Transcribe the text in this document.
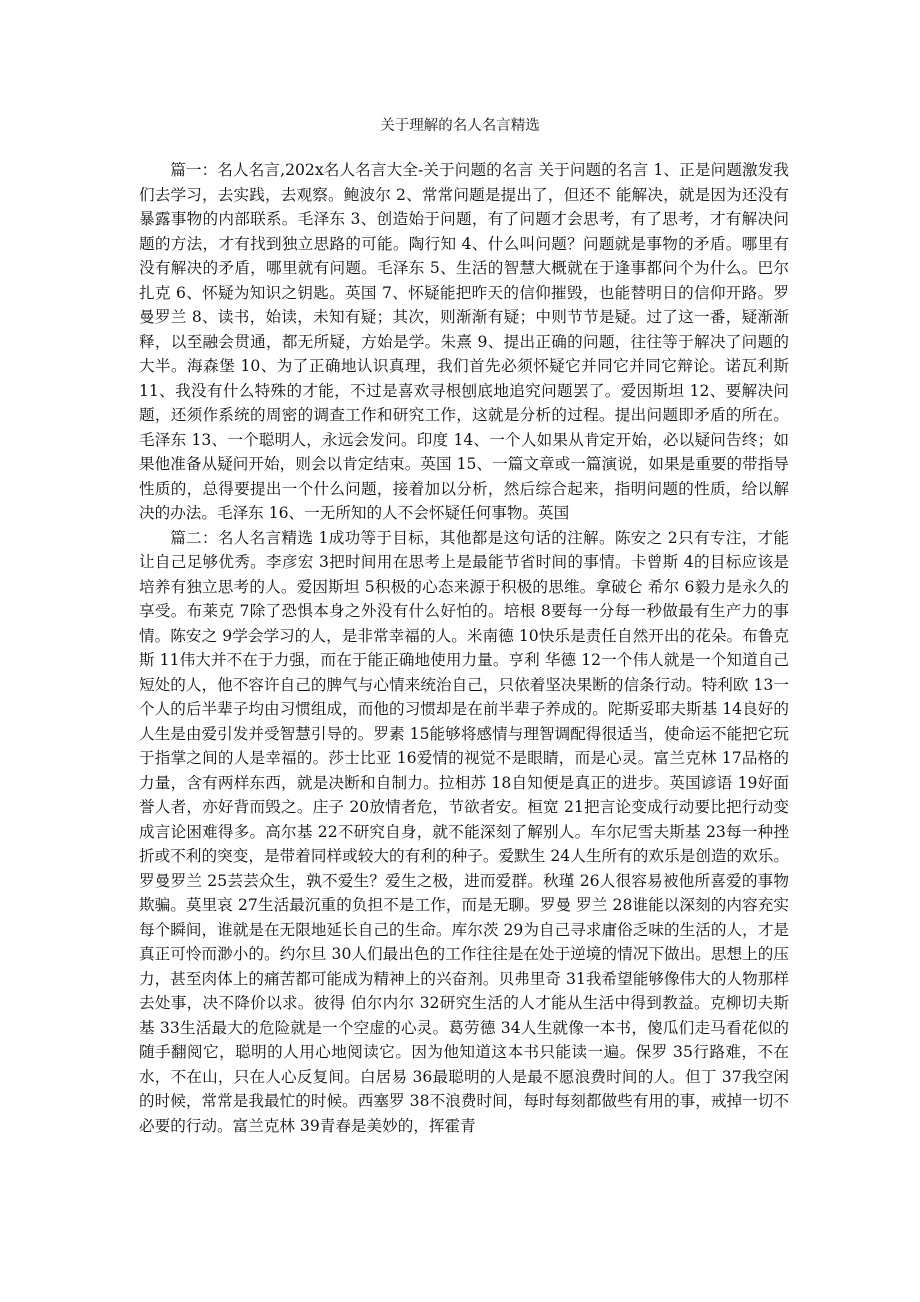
关于理解的名人名言精选

篇一：名人名言,202x名人名言大全-关于问题的名言 关于问题的名言 1、正是问题激发我们去学习，去实践，去观察。鲍波尔 2、常常问题是提出了，但还不 能解决，就是因为还没有暴露事物的内部联系。毛泽东 3、创造始于问题，有了问题才会思考，有了思考，才有解决问题的方法，才有找到独立思路的可能。陶行知 4、什么叫问题？问题就是事物的矛盾。哪里有没有解决的矛盾，哪里就有问题。毛泽东 5、生活的智慧大概就在于逢事都问个为什么。巴尔扎克 6、怀疑为知识之钥匙。英国 7、怀疑能把昨天的信仰摧毁，也能替明日的信仰开路。罗曼罗兰 8、读书，始读，未知有疑；其次，则渐渐有疑；中则节节是疑。过了这一番，疑渐渐释，以至融会贯通，都无所疑，方始是学。朱熹 9、提出正确的问题，往往等于解决了问题的大半。海森堡 10、为了正确地认识真理，我们首先必须怀疑它并同它并同它辩论。诺瓦利斯 11、我没有什么特殊的才能，不过是喜欢寻根刨底地追究问题罢了。爱因斯坦 12、要解决问题，还须作系统的周密的调查工作和研究工作，这就是分析的过程。提出问题即矛盾的所在。毛泽东 13、一个聪明人，永远会发问。印度 14、一个人如果从肯定开始，必以疑问告终；如果他准备从疑问开始，则会以肯定结束。英国 15、一篇文章或一篇演说，如果是重要的带指导性质的，总得要提出一个什么问题，接着加以分析，然后综合起来，指明问题的性质，给以解决的办法。毛泽东 16、一无所知的人不会怀疑任何事物。英国

篇二：名人名言精选 1成功等于目标，其他都是这句话的注解。陈安之 2只有专注，才能让自己足够优秀。李彦宏 3把时间用在思考上是最能节省时间的事情。卡曾斯 4的目标应该是培养有独立思考的人。爱因斯坦 5积极的心态来源于积极的思维。拿破仑 希尔 6毅力是永久的享受。布莱克 7除了恐惧本身之外没有什么好怕的。培根 8要每一分每一秒做最有生产力的事情。陈安之 9学会学习的人，是非常幸福的人。米南德 10快乐是责任自然开出的花朵。布鲁克斯 11伟大并不在于力强，而在于能正确地使用力量。亨利 华德 12一个伟人就是一个知道自己短处的人，他不容许自己的脾气与心情来统治自己，只依着坚决果断的信条行动。特利欧 13一个人的后半辈子均由习惯组成，而他的习惯却是在前半辈子养成的。陀斯妥耶夫斯基 14良好的人生是由爱引发并受智慧引导的。罗素 15能够将感情与理智调配得很适当，使命运不能把它玩于指掌之间的人是幸福的。莎士比亚 16爱情的视觉不是眼睛，而是心灵。富兰克林 17品格的力量，含有两样东西，就是决断和自制力。拉相苏 18自知便是真正的进步。英国谚语 19好面誉人者，亦好背而毁之。庄子 20放情者危，节欲者安。桓宽 21把言论变成行动要比把行动变成言论困难得多。高尔基 22不研究自身，就不能深刻了解别人。车尔尼雪夫斯基 23每一种挫折或不利的突变，是带着同样或较大的有利的种子。爱默生 24人生所有的欢乐是创造的欢乐。罗曼罗兰 25芸芸众生，孰不爱生？爱生之极，进而爱群。秋瑾 26人很容易被他所喜爱的事物欺骗。莫里哀 27生活最沉重的负担不是工作，而是无聊。罗曼 罗兰 28谁能以深刻的内容充实每个瞬间，谁就是在无限地延长自己的生命。库尔茨 29为自己寻求庸俗乏味的生活的人，才是真正可怜而渺小的。约尔旦 30人们最出色的工作往往是在处于逆境的情况下做出。思想上的压力，甚至肉体上的痛苦都可能成为精神上的兴奋剂。贝弗里奇 31我希望能够像伟大的人物那样去处事，决不降价以求。彼得 伯尔内尔 32研究生活的人才能从生活中得到教益。克柳切夫斯基 33生活最大的危险就是一个空虚的心灵。葛劳德 34人生就像一本书，傻瓜们走马看花似的随手翻阅它，聪明的人用心地阅读它。因为他知道这本书只能读一遍。保罗 35行路难，不在水，不在山，只在人心反复间。白居易 36最聪明的人是最不愿浪费时间的人。但丁 37我空闲的时候，常常是我最忙的时候。西塞罗 38不浪费时间，每时每刻都做些有用的事，戒掉一切不必要的行动。富兰克林 39青春是美妙的，挥霍青
